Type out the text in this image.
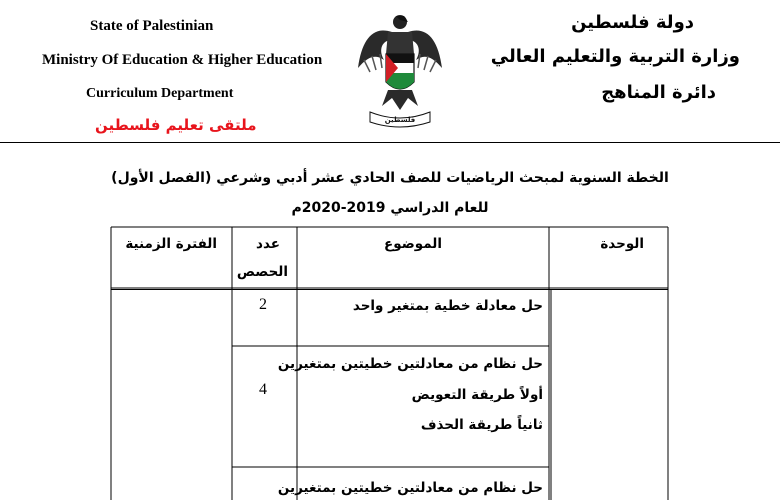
State of Palestinian
Ministry Of Education & Higher Education
Curriculum Department
ملتقى تعليم فلسطين
دولة فلسطين
وزارة التربية والتعليم العالي
دائرة المناهج
فلسطين
الخطة السنوية لمبحث الرياضيات للصف الحادي عشر أدبي وشرعي (الفصل الأول)
للعام الدراسي 2019-2020م
الوحدة
الموضوع
عدد
الحصص
الفترة الزمنية
حل معادلة خطية بمتغير واحد
2
حل نظام من معادلتين خطيتين بمتغيرين
أولاً طريقة التعويض
ثانياً طريقة الحذف
4
حل نظام من معادلتين خطيتين بمتغيرين
